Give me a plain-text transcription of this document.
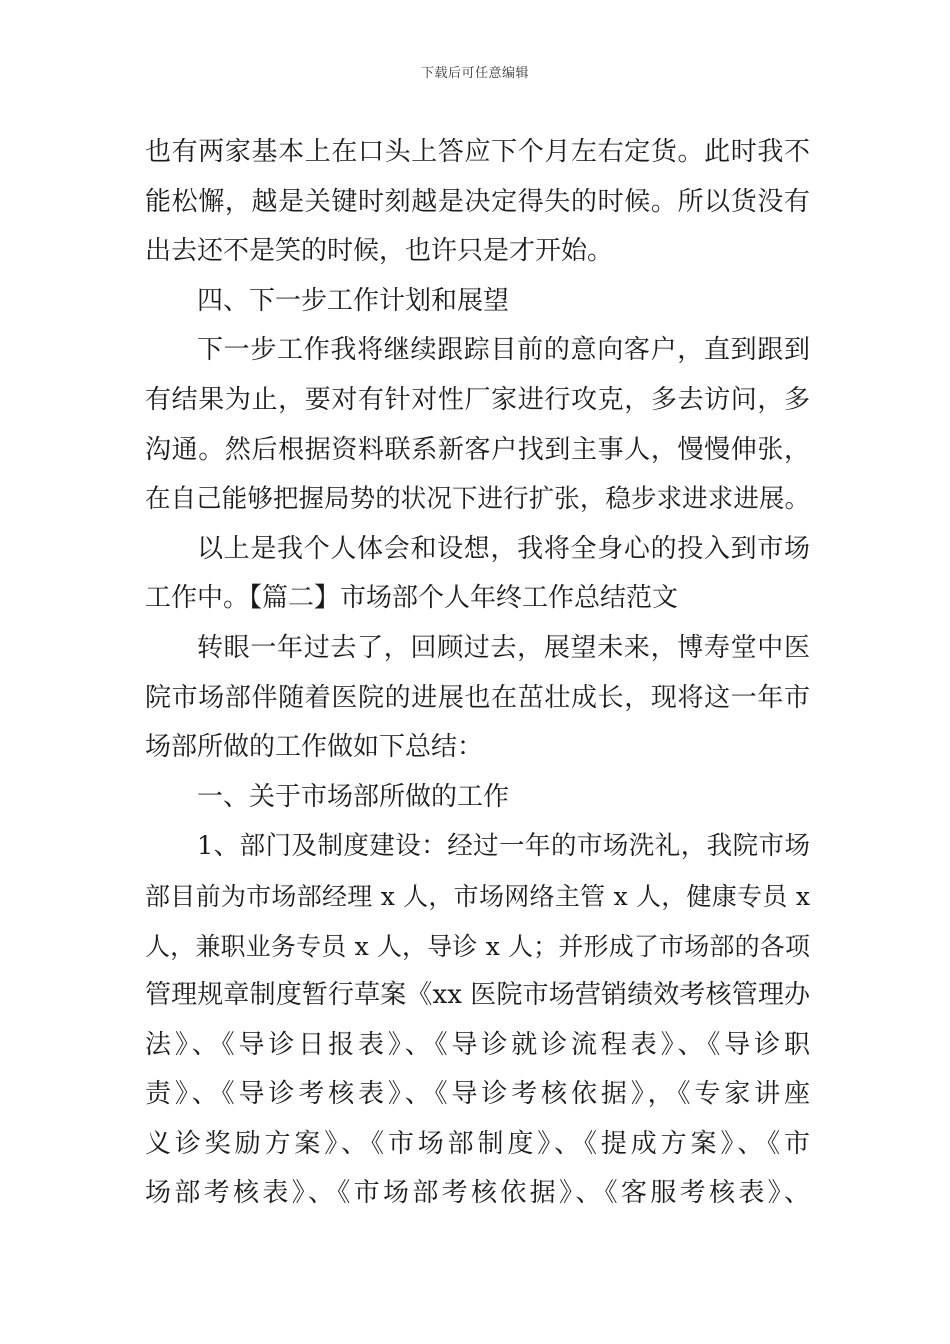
下载后可任意编辑
也有两家基本上在口头上答应下个月左右定货。此时我不
能松懈，越是关键时刻越是决定得失的时候。所以货没有
出去还不是笑的时候，也许只是才开始。
四、下一步工作计划和展望
下一步工作我将继续跟踪目前的意向客户，直到跟到
有结果为止，要对有针对性厂家进行攻克，多去访问，多
沟通。然后根据资料联系新客户找到主事人，慢慢伸张，
在自己能够把握局势的状况下进行扩张，稳步求进求进展。
以上是我个人体会和设想，我将全身心的投入到市场
工作中。【篇二】市场部个人年终工作总结范文
转眼一年过去了，回顾过去，展望未来，博寿堂中医
院市场部伴随着医院的进展也在茁壮成长，现将这一年市
场部所做的工作做如下总结：
一、关于市场部所做的工作
1、部门及制度建设：经过一年的市场洗礼，我院市场
部目前为市场部经理 x 人，市场网络主管 x 人，健康专员 x
人，兼职业务专员 x 人，导诊 x 人；并形成了市场部的各项
管理规章制度暂行草案《xx 医院市场营销绩效考核管理办
法》、《导诊日报表》、《导诊就诊流程表》、《导诊职
责》、《导诊考核表》、《导诊考核依据》，《专家讲座
义诊奖励方案》、《市场部制度》、《提成方案》、《市
场部考核表》、《市场部考核依据》、《客服考核表》、
